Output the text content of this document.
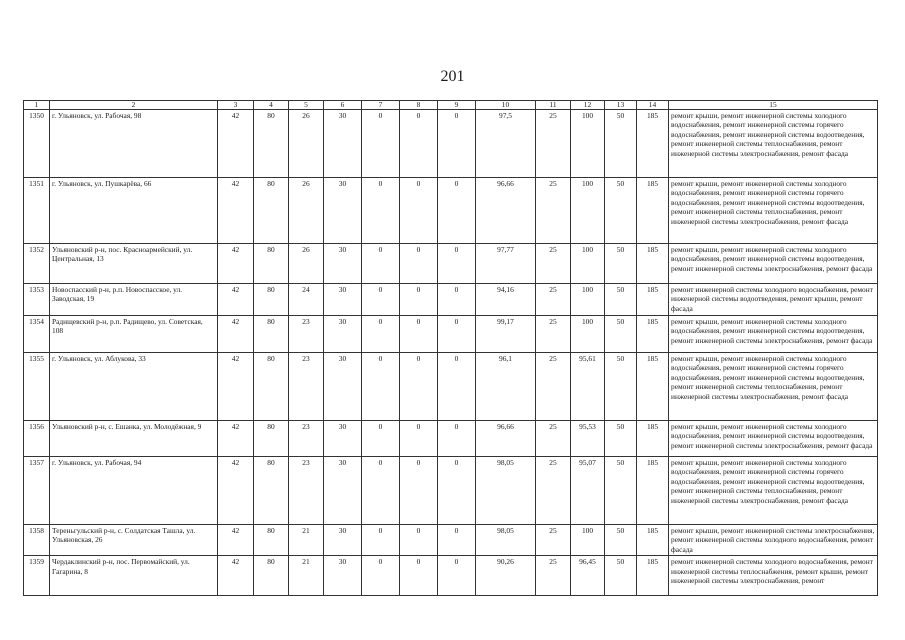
201
1	2	3	4	5	6	7	8	9	10	11	12	13	14	15
1350	г. Ульяновск, ул. Рабочая, 98	42	80	26	30	0	0	0	97,5	25	100	50	185	ремонт крыши, ремонт инженерной системы холодного водоснабжения, ремонт инженерной системы горячего водоснабжения, ремонт инженерной системы водоотведения, ремонт инженерной системы теплоснабжения, ремонт инженерной системы электроснабжения, ремонт фасада
1351	г. Ульяновск, ул. Пушкарёва, 66	42	80	26	30	0	0	0	96,66	25	100	50	185	ремонт крыши, ремонт инженерной системы холодного водоснабжения, ремонт инженерной системы горячего водоснабжения, ремонт инженерной системы водоотведения, ремонт инженерной системы теплоснабжения, ремонт инженерной системы электроснабжения, ремонт фасада
1352	Ульяновский р-н, пос. Красноармейский, ул. Центральная, 13	42	80	26	30	0	0	0	97,77	25	100	50	185	ремонт крыши, ремонт инженерной системы холодного водоснабжения, ремонт инженерной системы водоотведения, ремонт инженерной системы электроснабжения, ремонт фасада
1353	Новоспасский р-н, р.п. Новоспасское, ул. Заводская, 19	42	80	24	30	0	0	0	94,16	25	100	50	185	ремонт инженерной системы холодного водоснабжения, ремонт инженерной системы водоотведения, ремонт крыши, ремонт фасада
1354	Радищевский р-н, р.п. Радищево, ул. Советская, 108	42	80	23	30	0	0	0	99,17	25	100	50	185	ремонт крыши, ремонт инженерной системы холодного водоснабжения, ремонт инженерной системы водоотведения, ремонт инженерной системы электроснабжения, ремонт фасада
1355	г. Ульяновск, ул. Аблукова, 33	42	80	23	30	0	0	0	96,1	25	95,61	50	185	ремонт крыши, ремонт инженерной системы холодного водоснабжения, ремонт инженерной системы горячего водоснабжения, ремонт инженерной системы водоотведения, ремонт инженерной системы теплоснабжения, ремонт инженерной системы электроснабжения, ремонт фасада
1356	Ульяновский р-н, с. Ешанка, ул. Молодёжная, 9	42	80	23	30	0	0	0	96,66	25	95,53	50	185	ремонт крыши, ремонт инженерной системы холодного водоснабжения, ремонт инженерной системы водоотведения, ремонт инженерной системы электроснабжения, ремонт фасада
1357	г. Ульяновск, ул. Рабочая, 94	42	80	23	30	0	0	0	98,05	25	95,07	50	185	ремонт крыши, ремонт инженерной системы холодного водоснабжения, ремонт инженерной системы горячего водоснабжения, ремонт инженерной системы водоотведения, ремонт инженерной системы теплоснабжения, ремонт инженерной системы электроснабжения, ремонт фасада
1358	Тереньгульский р-н, с. Солдатская Ташла, ул. Ульяновская, 26	42	80	21	30	0	0	0	98,05	25	100	50	185	ремонт крыши, ремонт инженерной системы электроснабжения, ремонт инженерной системы холодного водоснабжения, ремонт фасада
1359	Чердаклинский р-н, пос. Первомайский, ул. Гагарина, 8	42	80	21	30	0	0	0	90,26	25	96,45	50	185	ремонт инженерной системы холодного водоснабжения, ремонт инженерной системы теплоснабжения, ремонт крыши, ремонт инженерной системы электроснабжения, ремонт
